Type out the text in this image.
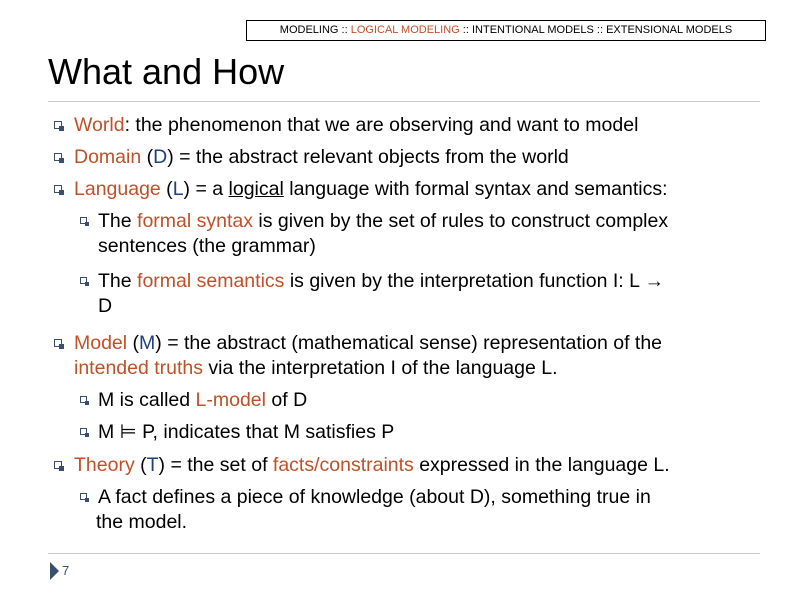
MODELING :: LOGICAL MODELING :: INTENTIONAL MODELS :: EXTENSIONAL MODELS
What and How
World: the phenomenon that we are observing and want to model
Domain (D) = the abstract relevant objects from the world
Language (L) = a logical language with formal syntax and semantics:
The formal syntax is given by the set of rules to construct complex
sentences (the grammar)
The formal semantics is given by the interpretation function I: L →
D
Model (M) = the abstract (mathematical sense) representation of the
intended truths via the interpretation I of the language L.
M is called L-model of D
M ⊨ P, indicates that M satisfies P
Theory (T) = the set of facts/constraints expressed in the language L.
A fact defines a piece of knowledge (about D), something true in
the model.
7
